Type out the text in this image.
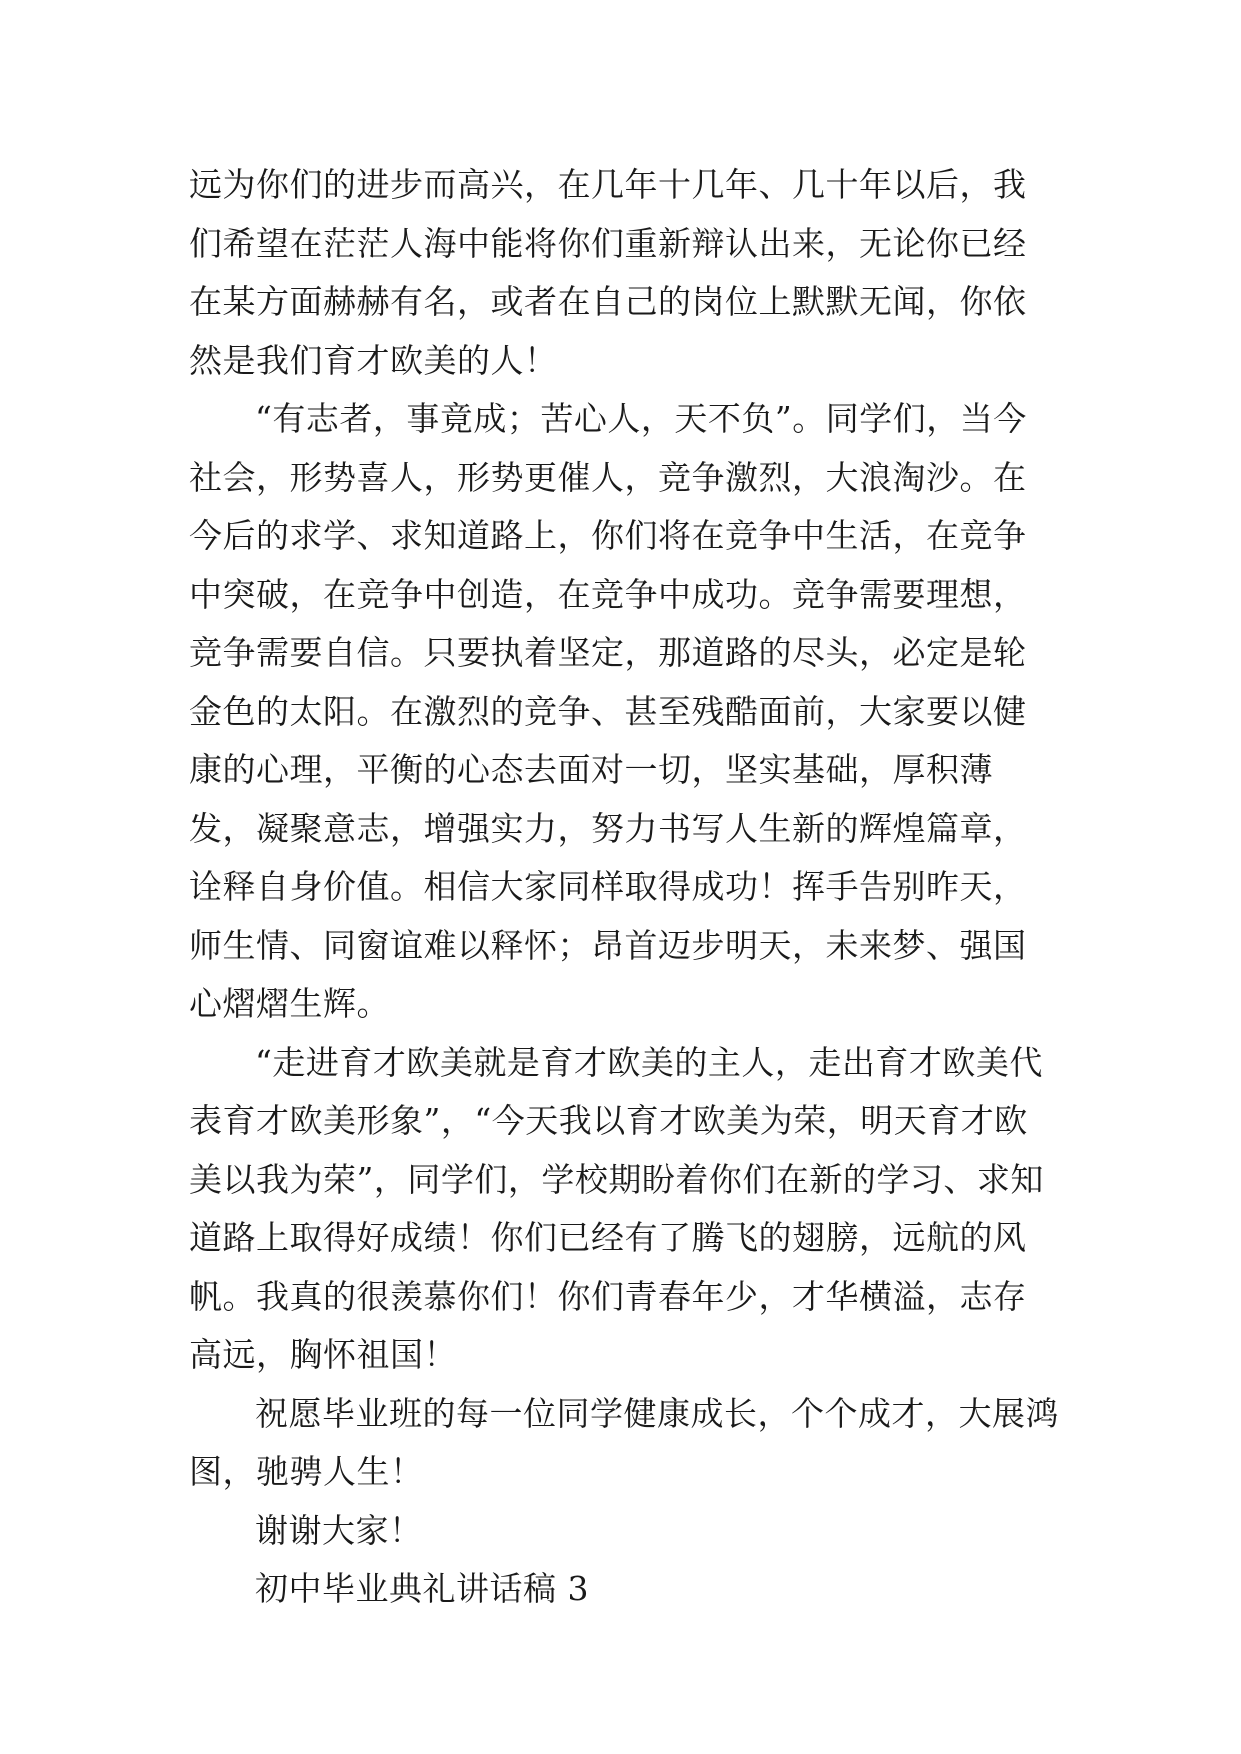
远为你们的进步而高兴，在几年十几年、几十年以后，我们希望在茫茫人海中能将你们重新辩认出来，无论你已经在某方面赫赫有名，或者在自己的岗位上默默无闻，你依然是我们育才欧美的人！

“有志者，事竟成；苦心人，天不负”。同学们，当今社会，形势喜人，形势更催人，竞争激烈，大浪淘沙。在今后的求学、求知道路上，你们将在竞争中生活，在竞争中突破，在竞争中创造，在竞争中成功。竞争需要理想，竞争需要自信。只要执着坚定，那道路的尽头，必定是轮金色的太阳。在激烈的竞争、甚至残酷面前，大家要以健康的心理，平衡的心态去面对一切，坚实基础，厚积薄发，凝聚意志，增强实力，努力书写人生新的辉煌篇章，诠释自身价值。相信大家同样取得成功！挥手告别昨天，师生情、同窗谊难以释怀；昂首迈步明天，未来梦、强国心熠熠生辉。

“走进育才欧美就是育才欧美的主人，走出育才欧美代表育才欧美形象”，“今天我以育才欧美为荣，明天育才欧美以我为荣”，同学们，学校期盼着你们在新的学习、求知道路上取得好成绩！你们已经有了腾飞的翅膀，远航的风帆。我真的很羡慕你们！你们青春年少，才华横溢，志存高远，胸怀祖国！

祝愿毕业班的每一位同学健康成长，个个成才，大展鸿图，驰骋人生！

谢谢大家！

初中毕业典礼讲话稿 3
